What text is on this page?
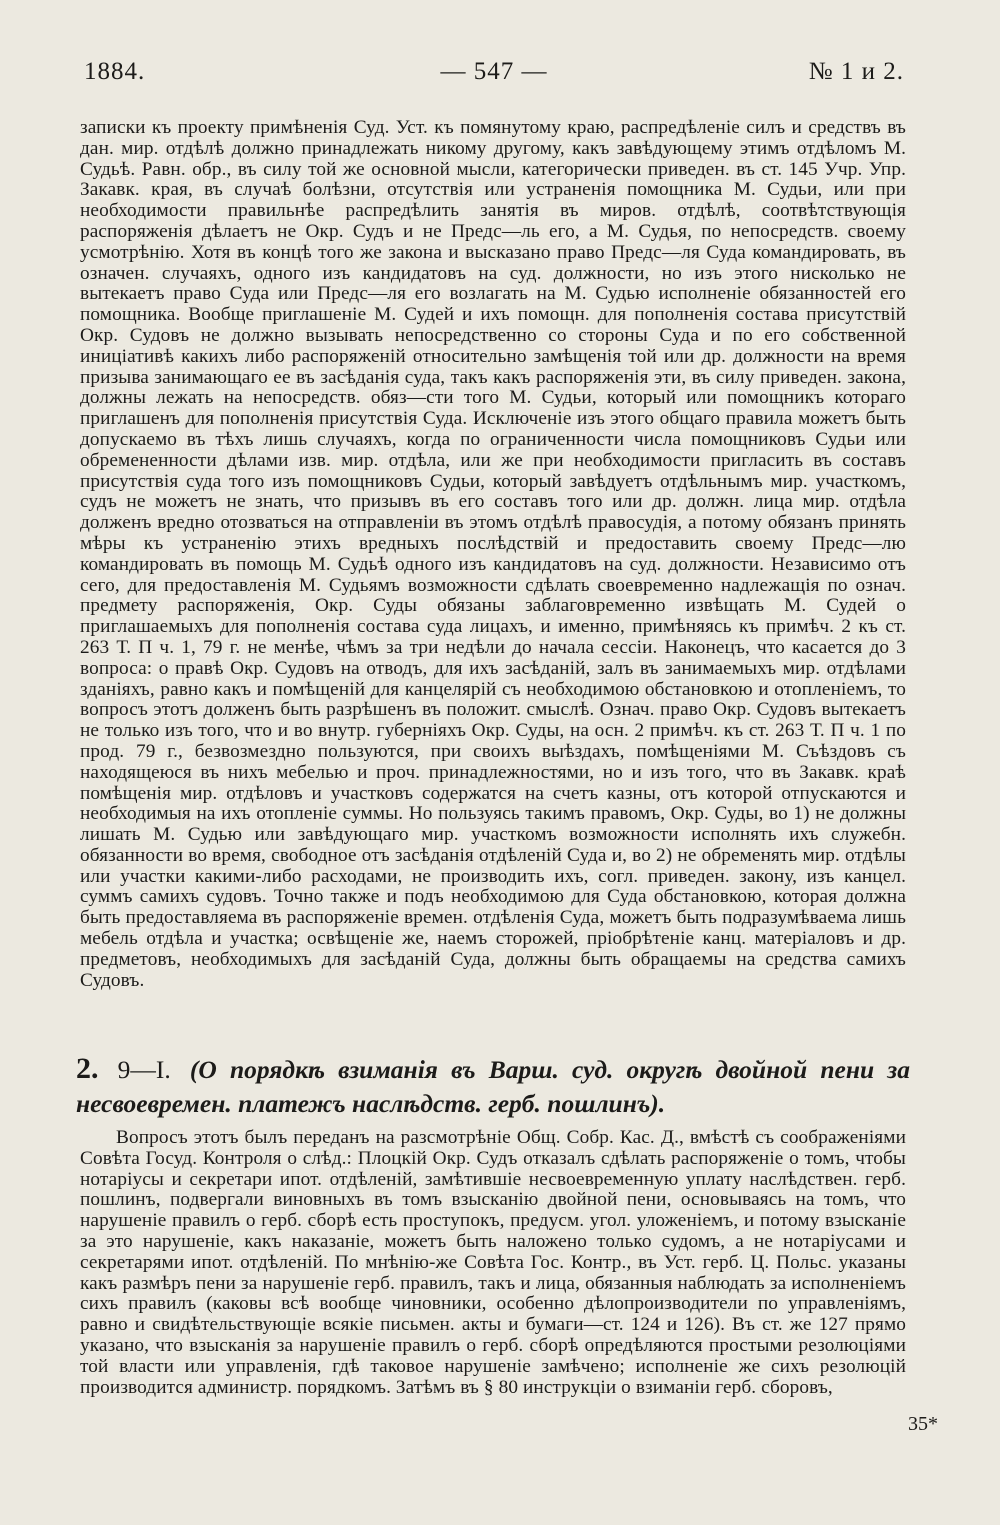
1884.	— 547 —	№ 1 и 2.

записки къ проекту примѣненія Суд. Уст. къ помянутому краю, распредѣленіе силъ и средствъ въ дан. мир. отдѣлѣ должно принадлежать никому другому, какъ завѣдующему этимъ отдѣломъ М. Судьѣ. Равн. обр., въ силу той же основной мысли, категорически приведен. въ ст. 145 Учр. Упр. Закавк. края, въ случаѣ болѣзни, отсутствія или устраненія помощника М. Судьи, или при необходимости правильнѣе распредѣлить занятія въ миров. отдѣлѣ, соотвѣтствующія распоряженія дѣлаетъ не Окр. Судъ и не Предс—ль его, а М. Судья, по непосредств. своему усмотрѣнію. Хотя въ концѣ того же закона и высказано право Предс—ля Суда командировать, въ означен. случаяхъ, одного изъ кандидатовъ на суд. должности, но изъ этого нисколько не вытекаетъ право Суда или Предс—ля его возлагать на М. Судью исполненіе обязанностей его помощника. Вообще приглашеніе М. Судей и ихъ помощн. для пополненія состава присутствій Окр. Судовъ не должно вызывать непосредственно со стороны Суда и по его собственной иниціативѣ какихъ либо распоряженій относительно замѣщенія той или др. должности на время призыва занимающаго ее въ засѣданія суда, такъ какъ распоряженія эти, въ силу приведен. закона, должны лежать на непосредств. обяз—сти того М. Судьи, который или помощникъ котораго приглашенъ для пополненія присутствія Суда. Исключеніе изъ этого общаго правила можетъ быть допускаемо въ тѣхъ лишь случаяхъ, когда по ограниченности числа помощниковъ Судьи или обремененности дѣлами изв. мир. отдѣла, или же при необходимости пригласить въ составъ присутствія суда того изъ помощниковъ Судьи, который завѣдуетъ отдѣльнымъ мир. участкомъ, судъ не можетъ не знать, что призывъ въ его составъ того или др. должн. лица мир. отдѣла долженъ вредно отозваться на отправленіи въ этомъ отдѣлѣ правосудія, а потому обязанъ принять мѣры къ устраненію этихъ вредныхъ послѣдствій и предоставить своему Предс—лю командировать въ помощь М. Судьѣ одного изъ кандидатовъ на суд. должности. Независимо отъ сего, для предоставленія М. Судьямъ возможности сдѣлать своевременно надлежащія по означ. предмету распоряженія, Окр. Суды обязаны заблаговременно извѣщать М. Судей о приглашаемыхъ для пополненія состава суда лицахъ, и именно, примѣняясь къ примѣч. 2 къ ст. 263 Т. П ч. 1, 79 г. не менѣе, чѣмъ за три недѣли до начала сессіи. Наконецъ, что касается до 3 вопроса: о правѣ Окр. Судовъ на отводъ, для ихъ засѣданій, залъ въ занимаемыхъ мир. отдѣлами зданіяхъ, равно какъ и помѣщеній для канцелярій съ необходимою обстановкою и отопленіемъ, то вопросъ этотъ долженъ быть разрѣшенъ въ положит. смыслѣ. Означ. право Окр. Судовъ вытекаетъ не только изъ того, что и во внутр. губерніяхъ Окр. Суды, на осн. 2 примѣч. къ ст. 263 Т. П ч. 1 по прод. 79 г., безвозмездно пользуются, при своихъ выѣздахъ, помѣщеніями М. Съѣздовъ съ находящеюся въ нихъ мебелью и проч. принадлежностями, но и изъ того, что въ Закавк. краѣ помѣщенія мир. отдѣловъ и участковъ содержатся на счетъ казны, отъ которой отпускаются и необходимыя на ихъ отопленіе суммы. Но пользуясь такимъ правомъ, Окр. Суды, во 1) не должны лишать М. Судью или завѣдующаго мир. участкомъ возможности исполнять ихъ служебн. обязанности во время, свободное отъ засѣданія отдѣленій Суда и, во 2) не обременять мир. отдѣлы или участки какими-либо расходами, не производить ихъ, согл. приведен. закону, изъ канцел. суммъ самихъ судовъ. Точно также и подъ необходимою для Суда обстановкою, которая должна быть предоставляема въ распоряженіе времен. отдѣленія Суда, можетъ быть подразумѣваема лишь мебель отдѣла и участка; освѣщеніе же, наемъ сторожей, пріобрѣтеніе канц. матеріаловъ и др. предметовъ, необходимыхъ для засѣданій Суда, должны быть обращаемы на средства самихъ Судовъ.

2. 9—I. (О порядкѣ взиманія въ Варш. суд. округѣ двойной пени за несвоевремен. платежъ наслѣдств. герб. пошлинъ).

Вопросъ этотъ былъ переданъ на разсмотрѣніе Общ. Собр. Кас. Д., вмѣстѣ съ соображеніями Совѣта Госуд. Контроля о слѣд.: Плоцкій Окр. Судъ отказалъ сдѣлать распоряженіе о томъ, чтобы нотаріусы и секретари ипот. отдѣленій, замѣтившіе несвоевременную уплату наслѣдствен. герб. пошлинъ, подвергали виновныхъ въ томъ взысканію двойной пени, основываясь на томъ, что нарушеніе правилъ о герб. сборѣ есть проступокъ, предусм. угол. уложеніемъ, и потому взысканіе за это нарушеніе, какъ наказаніе, можетъ быть наложено только судомъ, а не нотаріусами и секретарями ипот. отдѣленій. По мнѣнію-же Совѣта Гос. Контр., въ Уст. герб. Ц. Польс. указаны какъ размѣръ пени за нарушеніе герб. правилъ, такъ и лица, обязанныя наблюдать за исполненіемъ сихъ правилъ (каковы всѣ вообще чиновники, особенно дѣлопроизводители по управленіямъ, равно и свидѣтельствующіе всякіе письмен. акты и бумаги—ст. 124 и 126). Въ ст. же 127 прямо указано, что взысканія за нарушеніе правилъ о герб. сборѣ опредѣляются простыми резолюціями той власти или управленія, гдѣ таковое нарушеніе замѣчено; исполненіе же сихъ резолюцій производится администр. порядкомъ. Затѣмъ въ § 80 инструкціи о взиманіи герб. сборовъ,

35*
